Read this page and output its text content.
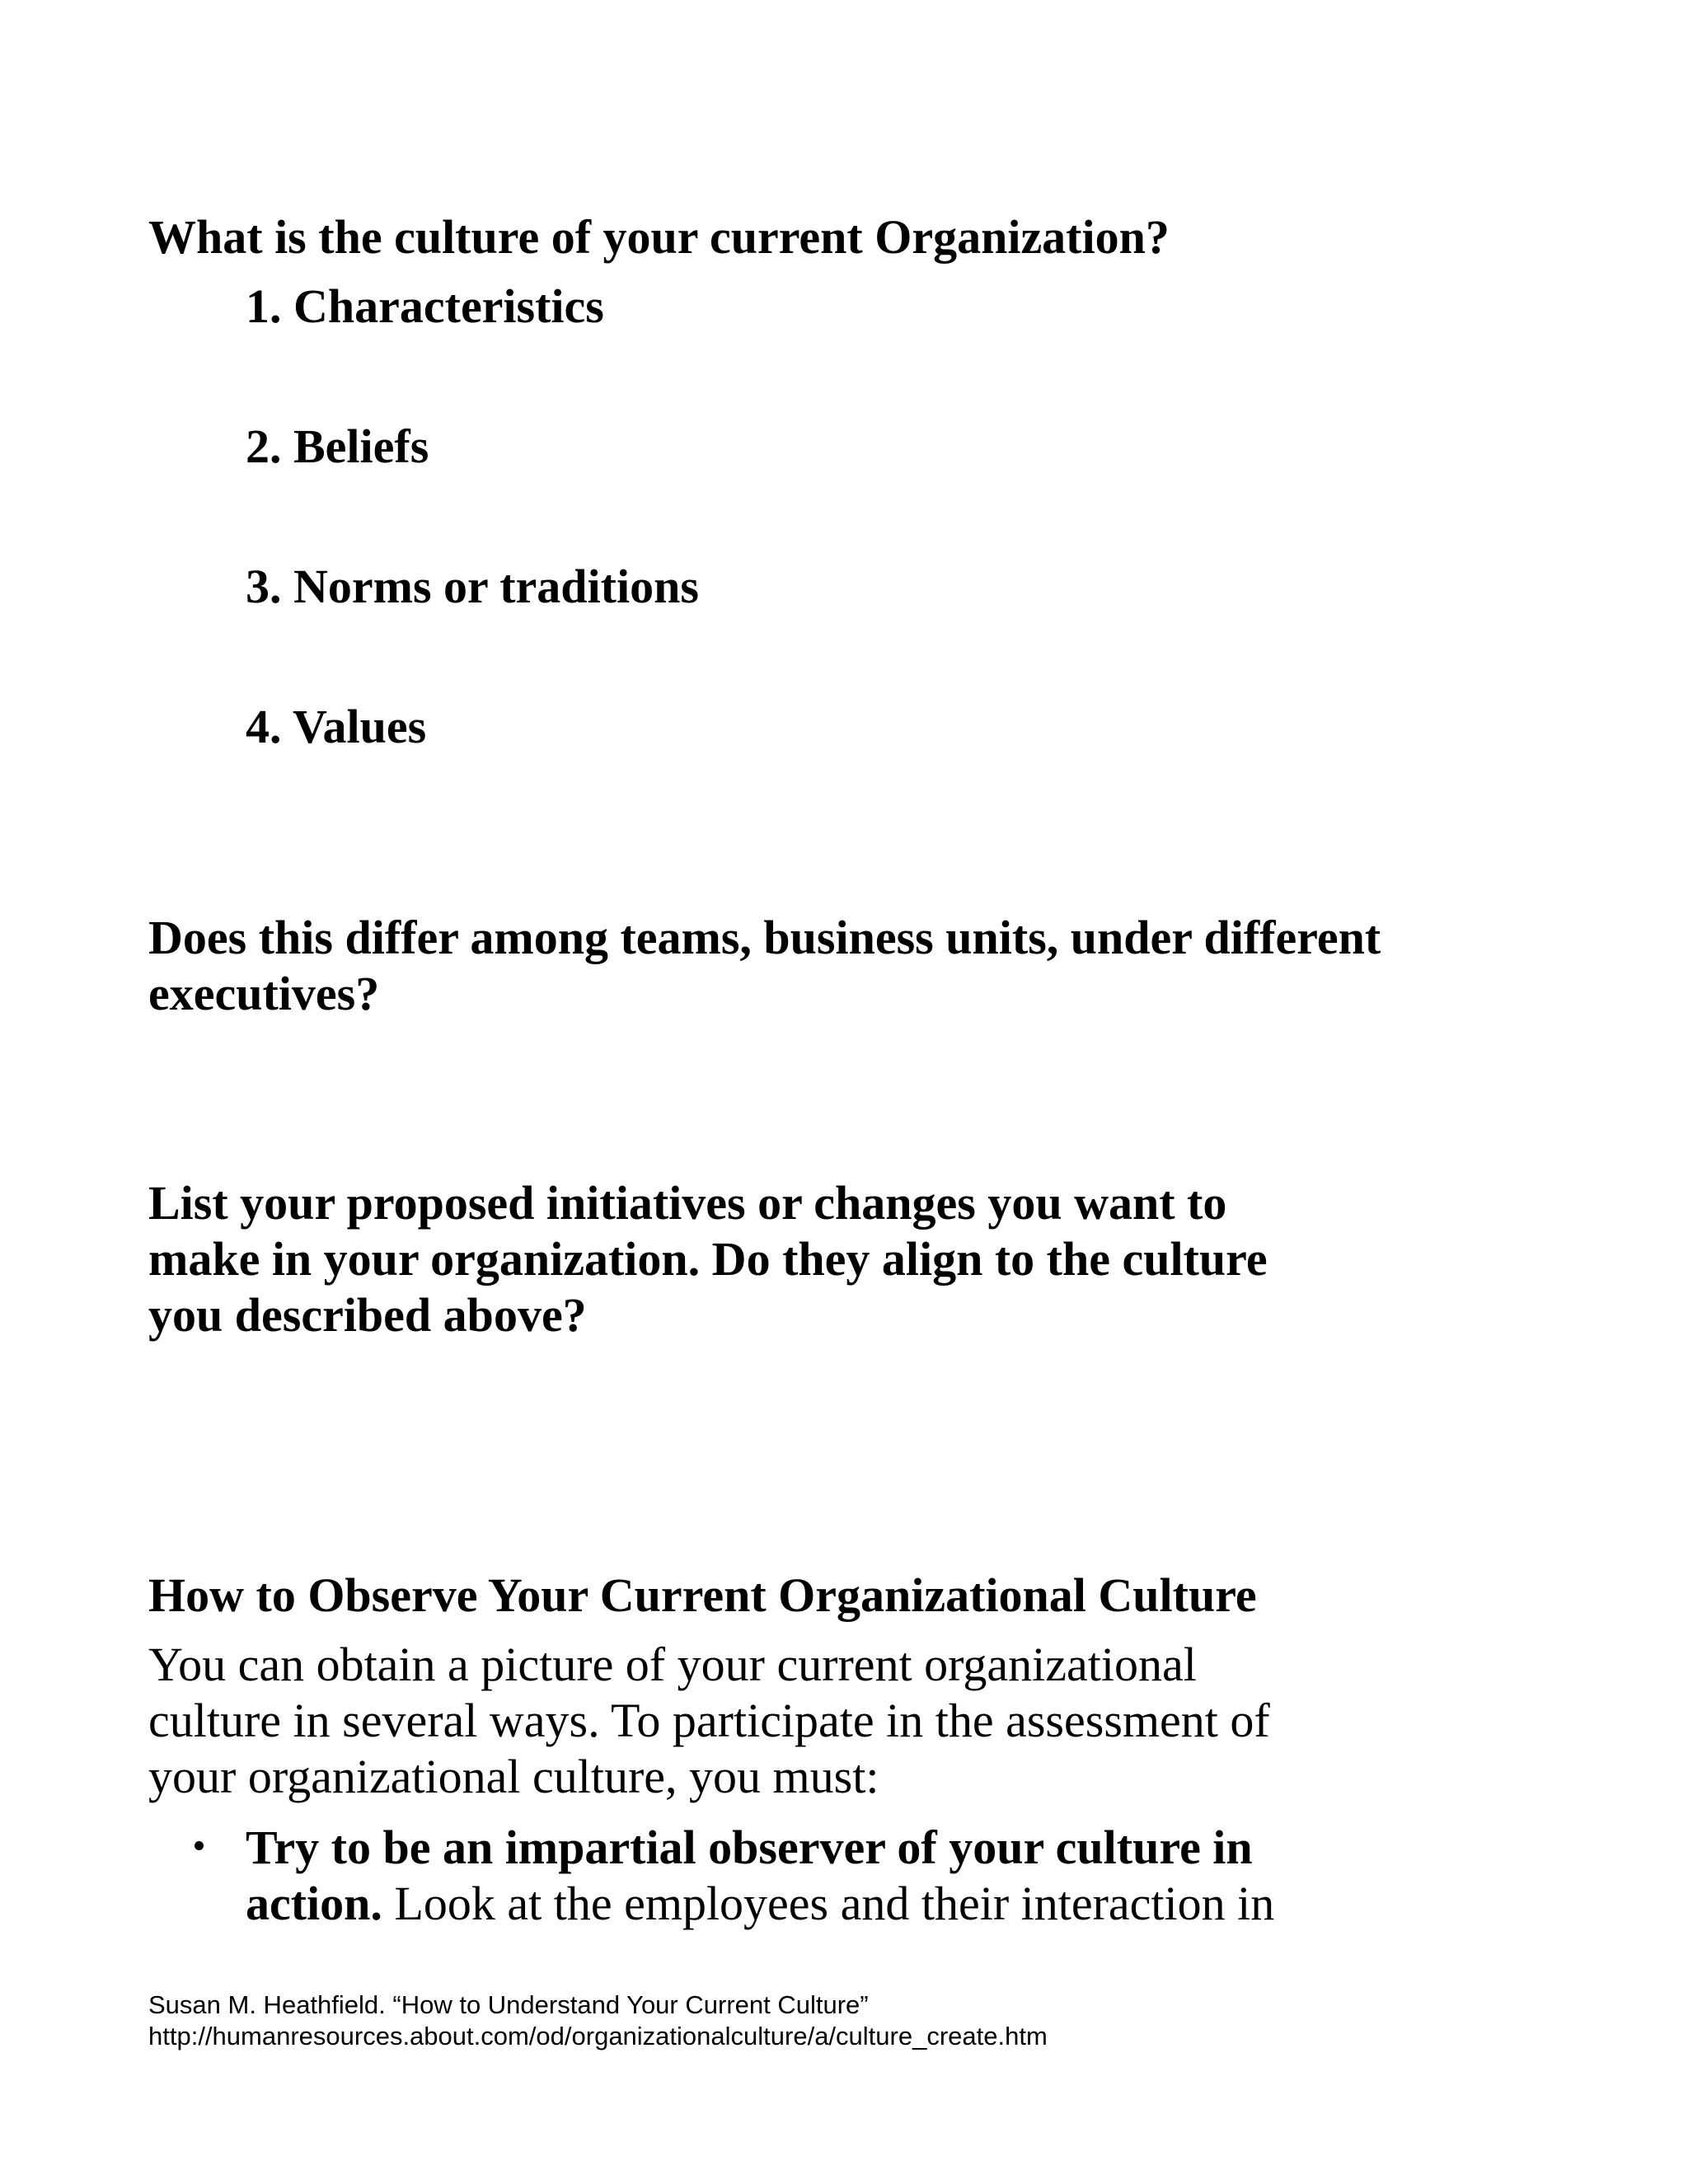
What is the culture of your current Organization?
1. Characteristics
2. Beliefs
3. Norms or traditions
4. Values
Does this differ among teams, business units, under different executives?
List your proposed initiatives or changes you want to make in your organization. Do they align to the culture you described above?
How to Observe Your Current Organizational Culture

You can obtain a picture of your current organizational culture in several ways. To participate in the assessment of your organizational culture, you must:

Try to be an impartial observer of your culture in action. Look at the employees and their interaction in

Susan M. Heathfield. “How to Understand Your Current Culture”
http://humanresources.about.com/od/organizationalculture/a/culture_create.htm
